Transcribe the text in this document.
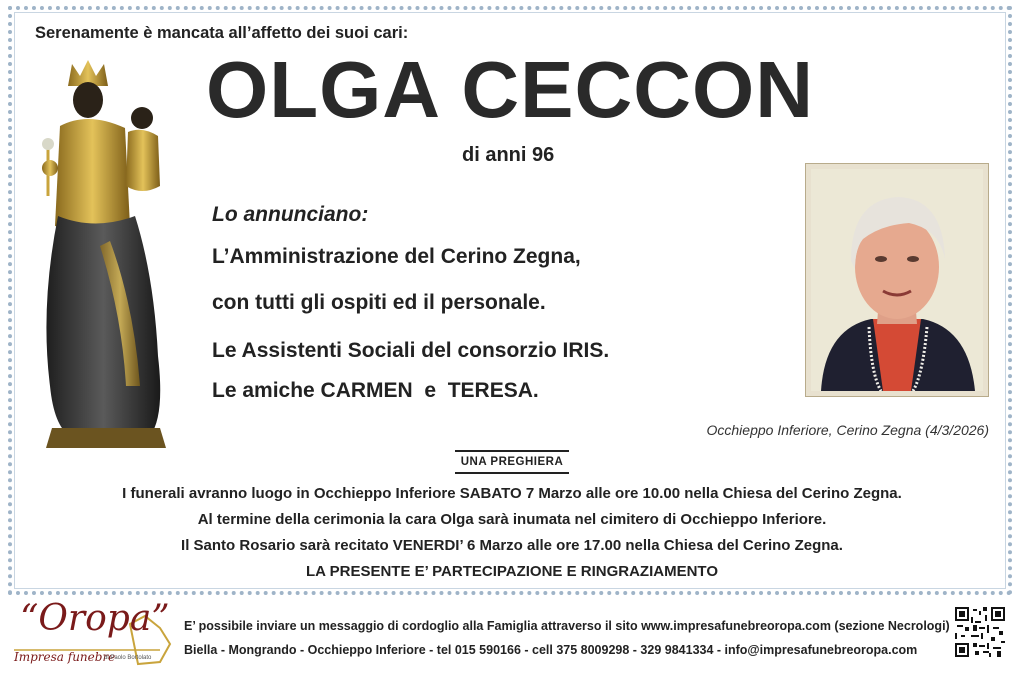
Serenamente è mancata all’affetto dei suoi cari:
OLGA CECCON
di anni 96
Lo annunciano:
L’Amministrazione del Cerino Zegna,
con tutti gli ospiti ed il personale.
Le Assistenti Sociali del consorzio IRIS.
Le amiche CARMEN  e  TERESA.
Occhieppo Inferiore, Cerino Zegna (4/3/2026)
UNA PREGHIERA
I funerali avranno luogo in Occhieppo Inferiore SABATO 7 Marzo alle ore 10.00 nella Chiesa del Cerino Zegna.
Al termine della cerimonia la cara Olga sarà inumata nel cimitero di Occhieppo Inferiore.
Il Santo Rosario sarà recitato VENERDI’ 6 Marzo alle ore 17.00 nella Chiesa del Cerino Zegna.
LA PRESENTE E’ PARTECIPAZIONE E RINGRAZIAMENTO
“Oropa”
Impresa funebre
di Paolo Bortolato
E’ possibile inviare un messaggio di cordoglio alla Famiglia attraverso il sito www.impresafunebreoropa.com (sezione Necrologi)
Biella - Mongrando - Occhieppo Inferiore - tel 015 590166 - cell 375 8009298 - 329 9841334 - info@impresafunebreoropa.com
